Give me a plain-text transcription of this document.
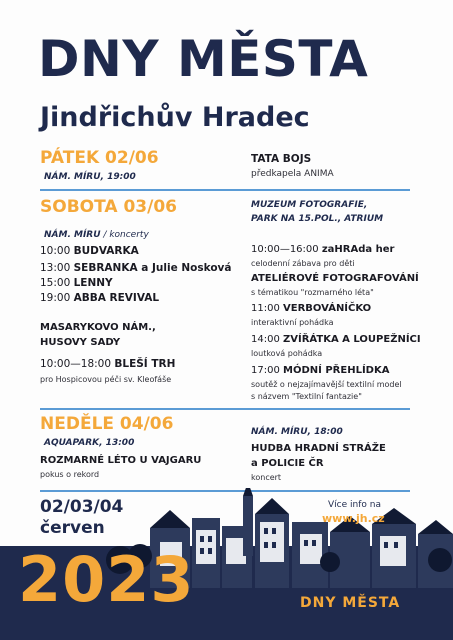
DNY MĚSTA
Jindřichův Hradec
PÁTEK 02/06
NÁM. MÍRU, 19:00
TATA BOJS
předkapela ANIMA
SOBOTA 03/06
NÁM. MÍRU / koncerty
10:00 BUDVARKA
13:00 SEBRANKA a Julie Nosková
15:00 LENNY
19:00 ABBA REVIVAL
MASARYKOVO NÁM.,
HUSOVY SADY
10:00—18:00 BLEŠÍ TRH
pro Hospicovou péči sv. Kleofáše
MUZEUM FOTOGRAFIE,
PARK NA 15.POL., ATRIUM
10:00—16:00 zaHRAda her
celodenní zábava pro děti
ATELIÉROVÉ FOTOGRAFOVÁNÍ
s tématikou "rozmarného léta"
11:00 VERBOVÁNÍČKO
interaktivní pohádka
14:00 ZVÍŘÁTKA A LOUPEŽNÍCI
loutková pohádka
17:00 MÓDNÍ PŘEHLÍDKA
soutěž o nejzajímavější textilní model
s názvem "Textilní fantazie"
NEDĚLE 04/06
AQUAPARK, 13:00
ROZMARNÉ LÉTO U VAJGARU
pokus o rekord
NÁM. MÍRU, 18:00
HUDBA HRADNÍ STRÁŽE
a POLICIE ČR
koncert
02/03/04
červen
Více info na
www.jh.cz
2023	DNY MĚSTA
